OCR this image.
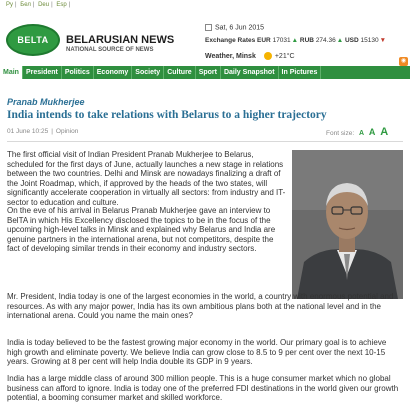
Py | Бел | Deu | Esp |
BELTA	BELARUSIAN NEWS
NATIONAL SOURCE OF NEWS
Sat, 6 Jun 2015
Exchange Rates EUR 17031▲ RUB 274.36▲ USD 15130▼
Weather, Minsk	+21°C
◉
Main	President	Politics	Economy	Society	Culture	Sport	Daily Snapshot	In Pictures
Pranab Mukherjee
India intends to take relations with Belarus to a higher trajectory
01 June 10:25 | Opinion	Font size: A A A
The first official visit of Indian President Pranab Mukherjee to Belarus, scheduled for the first days of June, actually launches a new stage in relations between the two countries. Delhi and Minsk are nowadays finalizing a draft of the Joint Roadmap, which, if approved by the heads of the two states, will significantly accelerate cooperation in virtually all sectors: from industry and IT-sector to education and culture.
On the eve of his arrival in Belarus Pranab Mukherjee gave an interview to BelTA in which His Excellency disclosed the topics to be in the focus of the upcoming high-level talks in Minsk and explained why Belarus and India are genuine partners in the international arena, but not competitors, despite the fact of developing similar trends in their economy and industry sectors.
Mr. President, India today is one of the largest economies in the world, a country with enormous potential and resources. As with any major power, India has its own ambitious plans both at the national level and in the international arena. Could you name the main ones?
India is today believed to be the fastest growing major economy in the world. Our primary goal is to achieve high growth and eliminate poverty. We believe India can grow close to 8.5 to 9 per cent over the next 10-15 years. Growing at 8 per cent will help India double its GDP in 9 years.
India has a large middle class of around 300 million people. This is a huge consumer market which no global business can afford to ignore. India is today one of the preferred FDI destinations in the world given our growth potential, a booming consumer market and skilled workforce.
